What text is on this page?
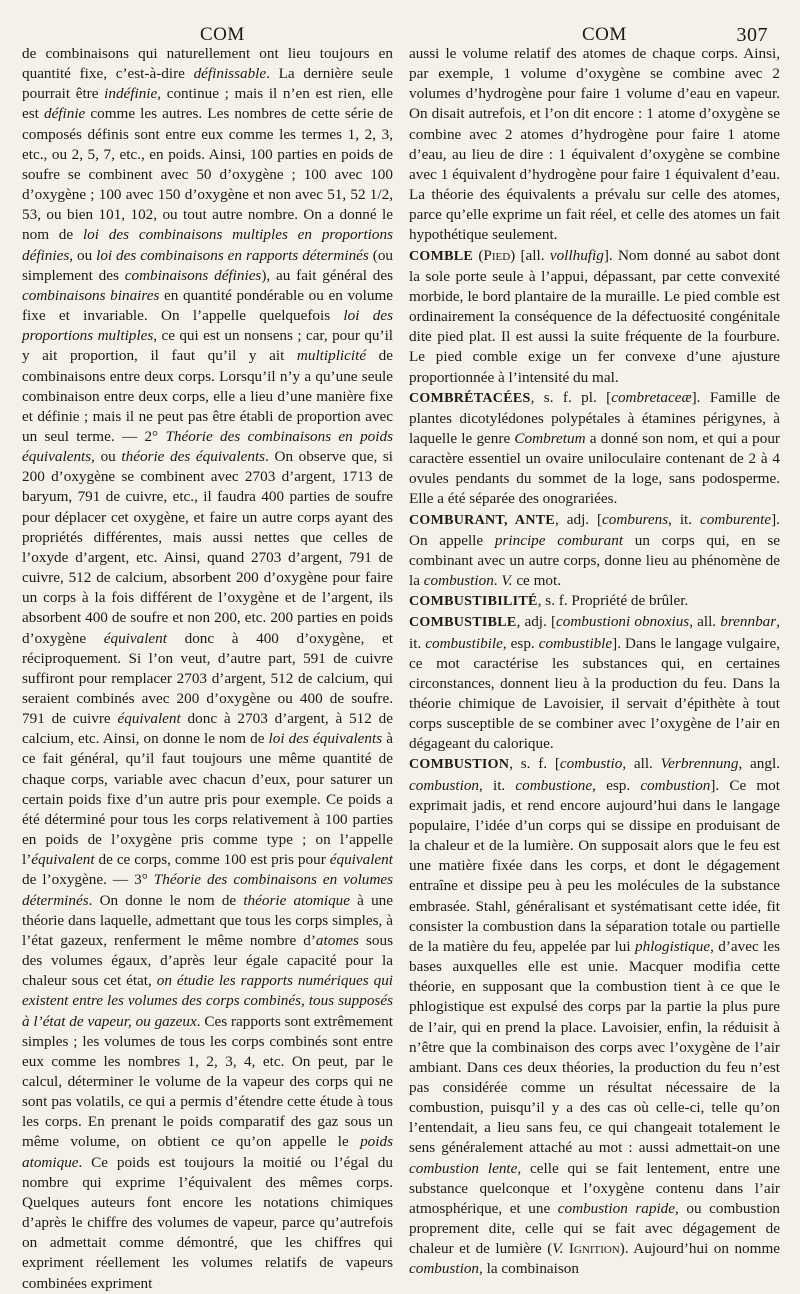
COM	COM	307

de combinaisons qui naturellement ont lieu toujours en quantité fixe, c’est-à-dire définissable. La dernière seule pourrait être indéfinie, continue ; mais il n’en est rien, elle est définie comme les autres. Les nombres de cette série de composés définis sont entre eux comme les termes 1, 2, 3, etc., ou 2, 5, 7, etc., en poids. Ainsi, 100 parties en poids de soufre se combinent avec 50 d’oxygène ; 100 avec 100 d’oxygène ; 100 avec 150 d’oxygène et non avec 51, 52 1/2, 53, ou bien 101, 102, ou tout autre nombre. On a donné le nom de loi des combinaisons multiples en proportions définies, ou loi des combinaisons en rapports déterminés (ou simplement des combinaisons définies), au fait général des combinaisons binaires en quantité pondérable ou en volume fixe et invariable. On l’appelle quelquefois loi des proportions multiples, ce qui est un nonsens ; car, pour qu’il y ait proportion, il faut qu’il y ait multiplicité de combinaisons entre deux corps. Lorsqu’il n’y a qu’une seule combinaison entre deux corps, elle a lieu d’une manière fixe et définie ; mais il ne peut pas être établi de proportion avec un seul terme. — 2° Théorie des combinaisons en poids équivalents, ou théorie des équivalents. On observe que, si 200 d’oxygène se combinent avec 2703 d’argent, 1713 de baryum, 791 de cuivre, etc., il faudra 400 parties de soufre pour déplacer cet oxygène, et faire un autre corps ayant des propriétés différentes, mais aussi nettes que celles de l’oxyde d’argent, etc. Ainsi, quand 2703 d’argent, 791 de cuivre, 512 de calcium, absorbent 200 d’oxygène pour faire un corps à la fois différent de l’oxygène et de l’argent, ils absorbent 400 de soufre et non 200, etc. 200 parties en poids d’oxygène équivalent donc à 400 d’oxygène, et réciproquement. Si l’on veut, d’autre part, 591 de cuivre suffiront pour remplacer 2703 d’argent, 512 de calcium, qui seraient combinés avec 200 d’oxygène ou 400 de soufre. 791 de cuivre équivalent donc à 2703 d’argent, à 512 de calcium, etc. Ainsi, on donne le nom de loi des équivalents à ce fait général, qu’il faut toujours une même quantité de chaque corps, variable avec chacun d’eux, pour saturer un certain poids fixe d’un autre pris pour exemple. Ce poids a été déterminé pour tous les corps relativement à 100 parties en poids de l’oxygène pris comme type ; on l’appelle l’équivalent de ce corps, comme 100 est pris pour équivalent de l’oxygène. — 3° Théorie des combinaisons en volumes déterminés. On donne le nom de théorie atomique à une théorie dans laquelle, admettant que tous les corps simples, à l’état gazeux, renferment le même nombre d’atomes sous des volumes égaux, d’après leur égale capacité pour la chaleur sous cet état, on étudie les rapports numériques qui existent entre les volumes des corps combinés, tous supposés à l’état de vapeur, ou gazeux. Ces rapports sont extrêmement simples ; les volumes de tous les corps combinés sont entre eux comme les nombres 1, 2, 3, 4, etc. On peut, par le calcul, déterminer le volume de la vapeur des corps qui ne sont pas volatils, ce qui a permis d’étendre cette étude à tous les corps. En prenant le poids comparatif des gaz sous un même volume, on obtient ce qu’on appelle le poids atomique. Ce poids est toujours la moitié ou l’égal du nombre qui exprime l’équivalent des mêmes corps. Quelques auteurs font encore les notations chimiques d’après le chiffre des volumes de vapeur, parce qu’autrefois on admettait comme démontré, que les chiffres qui expriment réellement les volumes relatifs de vapeurs combinées expriment

aussi le volume relatif des atomes de chaque corps. Ainsi, par exemple, 1 volume d’oxygène se combine avec 2 volumes d’hydrogène pour faire 1 volume d’eau en vapeur. On disait autrefois, et l’on dit encore : 1 atome d’oxygène se combine avec 2 atomes d’hydrogène pour faire 1 atome d’eau, au lieu de dire : 1 équivalent d’oxygène se combine avec 1 équivalent d’hydrogène pour faire 1 équivalent d’eau. La théorie des équivalents a prévalu sur celle des atomes, parce qu’elle exprime un fait réel, et celle des atomes un fait hypothétique seulement.

COMBLE (Pied) [all. vollhufig]. Nom donné au sabot dont la sole porte seule à l’appui, dépassant, par cette convexité morbide, le bord plantaire de la muraille. Le pied comble est ordinairement la conséquence de la défectuosité congénitale dite pied plat. Il est aussi la suite fréquente de la fourbure. Le pied comble exige un fer convexe d’une ajusture proportionnée à l’intensité du mal.

COMBRÉTACÉES, s. f. pl. [combretaceæ]. Famille de plantes dicotylédones polypétales à étamines périgynes, à laquelle le genre Combretum a donné son nom, et qui a pour caractère essentiel un ovaire uniloculaire contenant de 2 à 4 ovules pendants du sommet de la loge, sans podosperme. Elle a été séparée des onograriées.

COMBURANT, ANTE, adj. [comburens, it. comburente]. On appelle principe comburant un corps qui, en se combinant avec un autre corps, donne lieu au phénomène de la combustion. V. ce mot.

COMBUSTIBILITÉ, s. f. Propriété de brûler.

COMBUSTIBLE, adj. [combustioni obnoxius, all. brennbar, it. combustibile, esp. combustible]. Dans le langage vulgaire, ce mot caractérise les substances qui, en certaines circonstances, donnent lieu à la production du feu. Dans la théorie chimique de Lavoisier, il servait d’épithète à tout corps susceptible de se combiner avec l’oxygène de l’air en dégageant du calorique.

COMBUSTION, s. f. [combustio, all. Verbrennung, angl. combustion, it. combustione, esp. combustion]. Ce mot exprimait jadis, et rend encore aujourd’hui dans le langage populaire, l’idée d’un corps qui se dissipe en produisant de la chaleur et de la lumière. On supposait alors que le feu est une matière fixée dans les corps, et dont le dégagement entraîne et dissipe peu à peu les molécules de la substance embrasée. Stahl, généralisant et systématisant cette idée, fit consister la combustion dans la séparation totale ou partielle de la matière du feu, appelée par lui phlogistique, d’avec les bases auxquelles elle est unie. Macquer modifia cette théorie, en supposant que la combustion tient à ce que le phlogistique est expulsé des corps par la partie la plus pure de l’air, qui en prend la place. Lavoisier, enfin, la réduisit à n’être que la combinaison des corps avec l’oxygène de l’air ambiant. Dans ces deux théories, la production du feu n’est pas considérée comme un résultat nécessaire de la combustion, puisqu’il y a des cas où celle-ci, telle qu’on l’entendait, a lieu sans feu, ce qui changeait totalement le sens généralement attaché au mot : aussi admettait-on une combustion lente, celle qui se fait lentement, entre une substance quelconque et l’oxygène contenu dans l’air atmosphérique, et une combustion rapide, ou combustion proprement dite, celle qui se fait avec dégagement de chaleur et de lumière (V. Ignition). Aujourd’hui on nomme combustion, la combinaison
